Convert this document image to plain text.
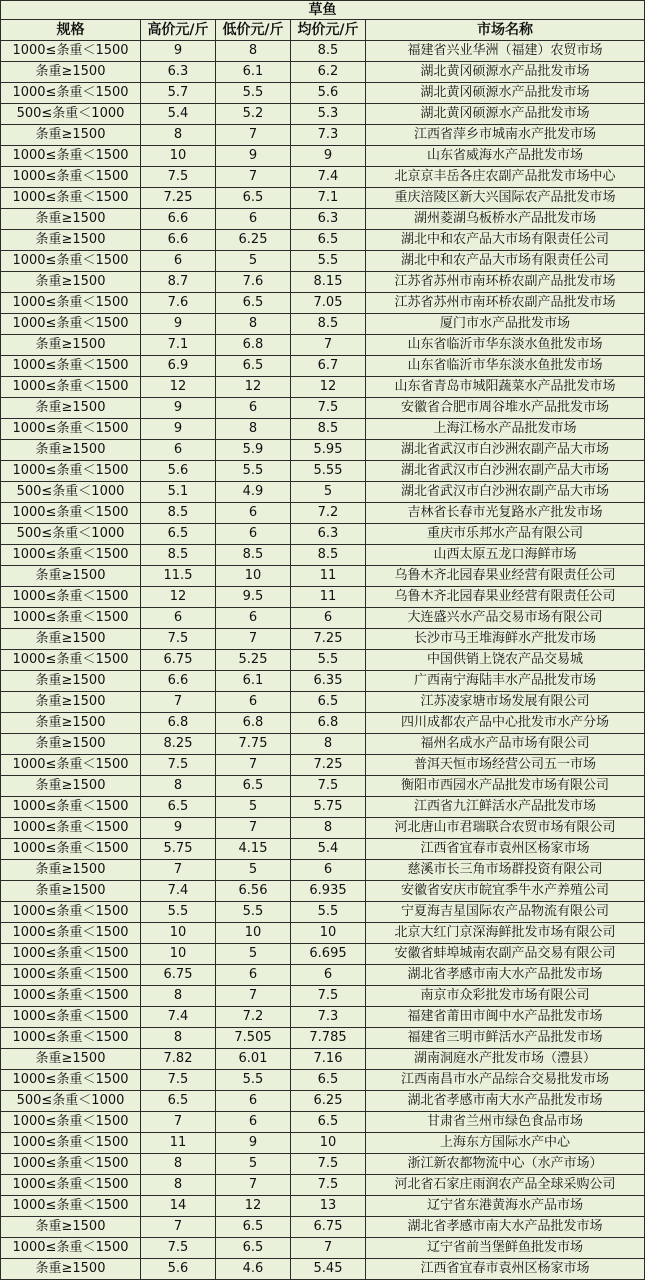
草鱼				
规格	高价元/斤	低价元/斤	均价元/斤	市场名称
1000≤条重＜1500	9	8	8.5	福建省兴业华洲（福建）农贸市场
条重≥1500	6.3	6.1	6.2	湖北黄冈硕源水产品批发市场
1000≤条重＜1500	5.7	5.5	5.6	湖北黄冈硕源水产品批发市场
500≤条重＜1000	5.4	5.2	5.3	湖北黄冈硕源水产品批发市场
条重≥1500	8	7	7.3	江西省萍乡市城南水产批发市场
1000≤条重＜1500	10	9	9	山东省威海水产品批发市场
1000≤条重＜1500	7.5	7	7.4	北京京丰岳各庄农副产品批发市场中心
1000≤条重＜1500	7.25	6.5	7.1	重庆涪陵区新大兴国际农产品批发市场
条重≥1500	6.6	6	6.3	湖州菱湖乌板桥水产品批发市场
条重≥1500	6.6	6.25	6.5	湖北中和农产品大市场有限责任公司
1000≤条重＜1500	6	5	5.5	湖北中和农产品大市场有限责任公司
条重≥1500	8.7	7.6	8.15	江苏省苏州市南环桥农副产品批发市场
1000≤条重＜1500	7.6	6.5	7.05	江苏省苏州市南环桥农副产品批发市场
1000≤条重＜1500	9	8	8.5	厦门市水产品批发市场
条重≥1500	7.1	6.8	7	山东省临沂市华东淡水鱼批发市场
1000≤条重＜1500	6.9	6.5	6.7	山东省临沂市华东淡水鱼批发市场
1000≤条重＜1500	12	12	12	山东省青岛市城阳蔬菜水产品批发市场
条重≥1500	9	6	7.5	安徽省合肥市周谷堆水产品批发市场
1000≤条重＜1500	9	8	8.5	上海江杨水产品批发市场
条重≥1500	6	5.9	5.95	湖北省武汉市白沙洲农副产品大市场
1000≤条重＜1500	5.6	5.5	5.55	湖北省武汉市白沙洲农副产品大市场
500≤条重＜1000	5.1	4.9	5	湖北省武汉市白沙洲农副产品大市场
1000≤条重＜1500	8.5	6	7.2	吉林省长春市光复路水产批发市场
500≤条重＜1000	6.5	6	6.3	重庆市乐邦水产品有限公司
1000≤条重＜1500	8.5	8.5	8.5	山西太原五龙口海鲜市场
条重≥1500	11.5	10	11	乌鲁木齐北园春果业经营有限责任公司
1000≤条重＜1500	12	9.5	11	乌鲁木齐北园春果业经营有限责任公司
1000≤条重＜1500	6	6	6	大连盛兴水产品交易市场有限公司
条重≥1500	7.5	7	7.25	长沙市马王堆海鲜水产批发市场
1000≤条重＜1500	6.75	5.25	5.5	中国供销上饶农产品交易城
条重≥1500	6.6	6.1	6.35	广西南宁海陆丰水产品批发市场
条重≥1500	7	6	6.5	江苏凌家塘市场发展有限公司
条重≥1500	6.8	6.8	6.8	四川成都农产品中心批发市水产分场
条重≥1500	8.25	7.75	8	福州名成水产品市场有限公司
1000≤条重＜1500	7.5	7	7.25	普洱天恒市场经营公司五一市场
条重≥1500	8	6.5	7.5	衡阳市西园水产品批发市场有限公司
1000≤条重＜1500	6.5	5	5.75	江西省九江鲜活水产品批发市场
1000≤条重＜1500	9	7	8	河北唐山市君瑞联合农贸市场有限公司
1000≤条重＜1500	5.75	4.15	5.4	江西省宜春市袁州区杨家市场
条重≥1500	7	5	6	慈溪市长三角市场群投资有限公司
条重≥1500	7.4	6.56	6.935	安徽省安庆市皖宜季牛水产养殖公司
1000≤条重＜1500	5.5	5.5	5.5	宁夏海吉星国际农产品物流有限公司
1000≤条重＜1500	10	10	10	北京大红门京深海鲜批发市场有限公司
1000≤条重＜1500	10	5	6.695	安徽省蚌埠城南农副产品交易有限公司
1000≤条重＜1500	6.75	6	6	湖北省孝感市南大水产品批发市场
1000≤条重＜1500	8	7	7.5	南京市众彩批发市场有限公司
1000≤条重＜1500	7.4	7.2	7.3	福建省莆田市闽中水产品批发市场
1000≤条重＜1500	8	7.505	7.785	福建省三明市鲜活水产品批发市场
条重≥1500	7.82	6.01	7.16	湖南洞庭水产批发市场（澧县）
1000≤条重＜1500	7.5	5.5	6.5	江西南昌市水产品综合交易批发市场
500≤条重＜1000	6.5	6	6.25	湖北省孝感市南大水产品批发市场
1000≤条重＜1500	7	6	6.5	甘肃省兰州市绿色食品市场
1000≤条重＜1500	11	9	10	上海东方国际水产中心
1000≤条重＜1500	8	5	7.5	浙江新农都物流中心（水产市场）
1000≤条重＜1500	8	7	7.5	河北省石家庄雨润农产品全球采购公司
1000≤条重＜1500	14	12	13	辽宁省东港黄海水产品市场
条重≥1500	7	6.5	6.75	湖北省孝感市南大水产品批发市场
1000≤条重＜1500	7.5	6.5	7	辽宁省前当堡鲜鱼批发市场
条重≥1500	5.6	4.6	5.45	江西省宜春市袁州区杨家市场
